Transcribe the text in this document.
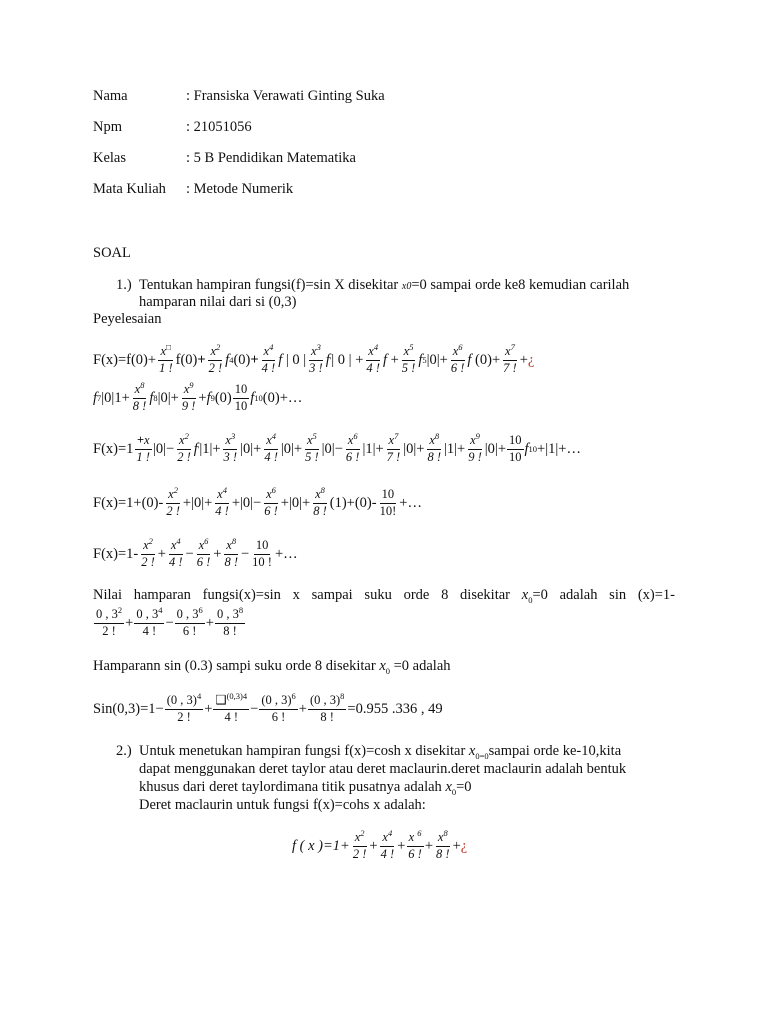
Nama	: Fransiska Verawati Ginting Suka
Npm	: 21051056
Kelas	: 5 B Pendidikan Matematika
Mata Kuliah : Metode Numerik
SOAL
1.) Tentukan hampiran fungsi(f)=sin X disekitar x0=0 sampai orde ke8 kemudian carilah
hamparan nilai dari si (0,3)
Peyelesaian
$F(x)=f(0)+ \frac{x^□}{1 !} f(0) + \frac{x^2}{2 !}$ f 4 $(0) + \frac{x^4}{4 !}$ f | 0 | $\frac{x^3}{3 !}$ f ' | 0 | + $\frac{x^4}{4 !}$ $f + \frac{x^5}{5 !}$ f 5 $|0|+ \frac{x^6}{6 !}$ f $(0)+ \frac{x^7}{7 !}$ + ¿
f 7 $|0|1+ \frac{x^8}{8 !}$ f 8 $|0|+ \frac{x^9}{9 !} + f$ 9 $(0) \frac{10}{10}$ f 10 (0) +…
$F(x)=1 \frac{+x}{1 !} |0|- \frac{x^2}{2 !}$ f ' $|1|+ \frac{x^3}{3 !} |0|+ \frac{x^4}{4 !} |0|+ \frac{x^5}{5 !} |0|- \frac{x^6}{6 !} |1|+ \frac{x^7}{7 !} |0|+ \frac{x^8}{8 !} |1|+ \frac{x^9}{9 !} |0|+ \frac{10}{10}$ f 10 +|1|+…
$F(x)=1+(0)- \frac{x^2}{2 !} +|0|+ \frac{x^4}{4 !} +|0|- \frac{x^6}{6 !} +|0|+ \frac{x^8}{8 !} (1)+(0)- \frac{10}{10!}$ +…
$F(x)=1- \frac{x^2}{2 !} + \frac{x^4}{4 !} - \frac{x^6}{6 !} + \frac{x^8}{8 !} - \frac{10}{10 !}$ +…
Nilai hamparan fungsi(x)=sin x sampai suku orde 8 disekitar $x_0=0$ adalah sin (x)=1-
$\frac{0 , 3^2}{2 !} + \frac{0 , 3^4}{4 !} - \frac{0 , 3^6}{6 !} + \frac{0 , 3^8}{8 !}$
Hamparann sin (0.3) sampi suku orde 8 disekitar $x_0 =0$ adalah
$Sin(0,3)=1- \frac{(0 , 3)^4}{2 !} + \frac{❑^{(0,3)4}}{4 !} - \frac{(0 , 3)^6}{6 !} + \frac{(0 , 3)^8}{8 !} =0.955$ .336 , 49
2.) Untuk menetukan hampiran fungsi f(x)=cosh x disekitar $x_{0=0}sampai$ orde ke-10,kita
dapat menggunakan deret taylor atau deret maclaurin.deret maclaurin adalah bentuk
khusus dari deret taylordimana titik pusatnya adalah $x_0=0$
Deret maclaurin untuk fungsi f(x)=cohs x adalah:
f ( x )$=1+ \frac{x^2}{2 !} + \frac{x^4}{4 !} + \frac{x ^6}{6 !} + \frac{x^8}{8 !}$ + ¿
